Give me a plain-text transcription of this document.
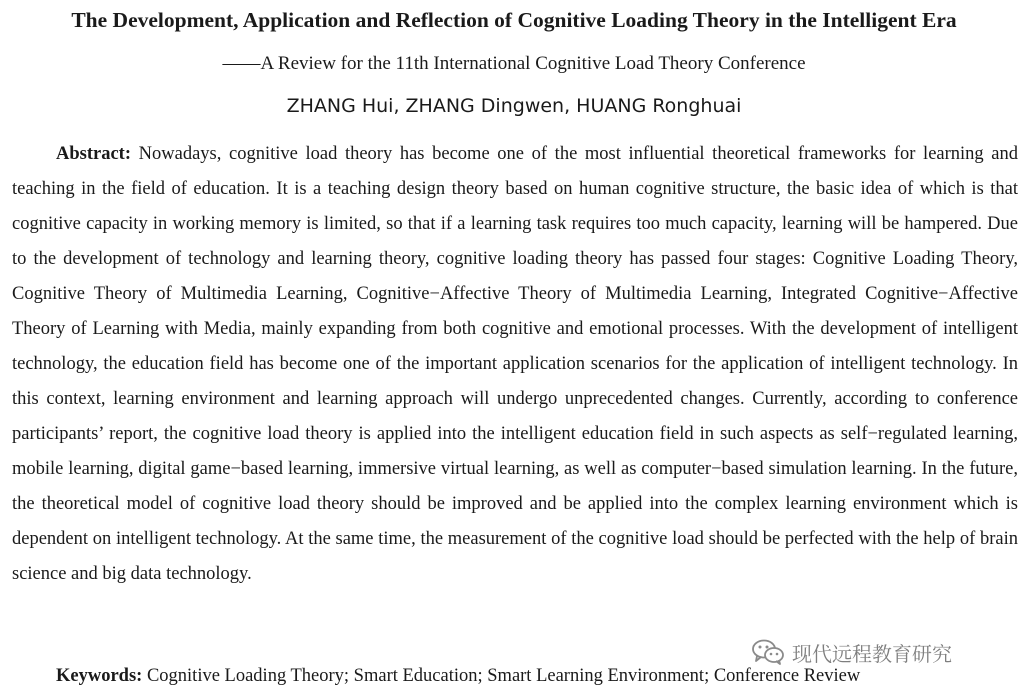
The Development, Application and Reflection of Cognitive Loading Theory in the Intelligent Era
——A Review for the 11th International Cognitive Load Theory Conference
ZHANG Hui, ZHANG Dingwen, HUANG Ronghuai

Abstract: Nowadays, cognitive load theory has become one of the most influential theoretical frameworks for learning and teaching in the field of education. It is a teaching design theory based on human cognitive structure, the basic idea of which is that cognitive capacity in working memory is limited, so that if a learning task requires too much capacity, learning will be hampered. Due to the development of technology and learning theory, cognitive loading theory has passed four stages: Cognitive Loading Theory, Cognitive Theory of Multimedia Learning, Cognitive−Affective Theory of Multimedia Learning, Integrated Cognitive−Affective Theory of Learning with Media, mainly expanding from both cognitive and emotional processes. With the development of intelligent technology, the education field has become one of the important application scenarios for the application of intelligent technology. In this context, learning environment and learning approach will undergo unprecedented changes. Currently, according to conference participants’ report, the cognitive load theory is applied into the intelligent education field in such aspects as self−regulated learning, mobile learning, digital game−based learning, immersive virtual learning, as well as computer−based simulation learning. In the future, the theoretical model of cognitive load theory should be improved and be applied into the complex learning environment which is dependent on intelligent technology. At the same time, the measurement of the cognitive load should be perfected with the help of brain science and big data technology.

Keywords: Cognitive Loading Theory; Smart Education; Smart Learning Environment; Conference Review

现代远程教育研究
